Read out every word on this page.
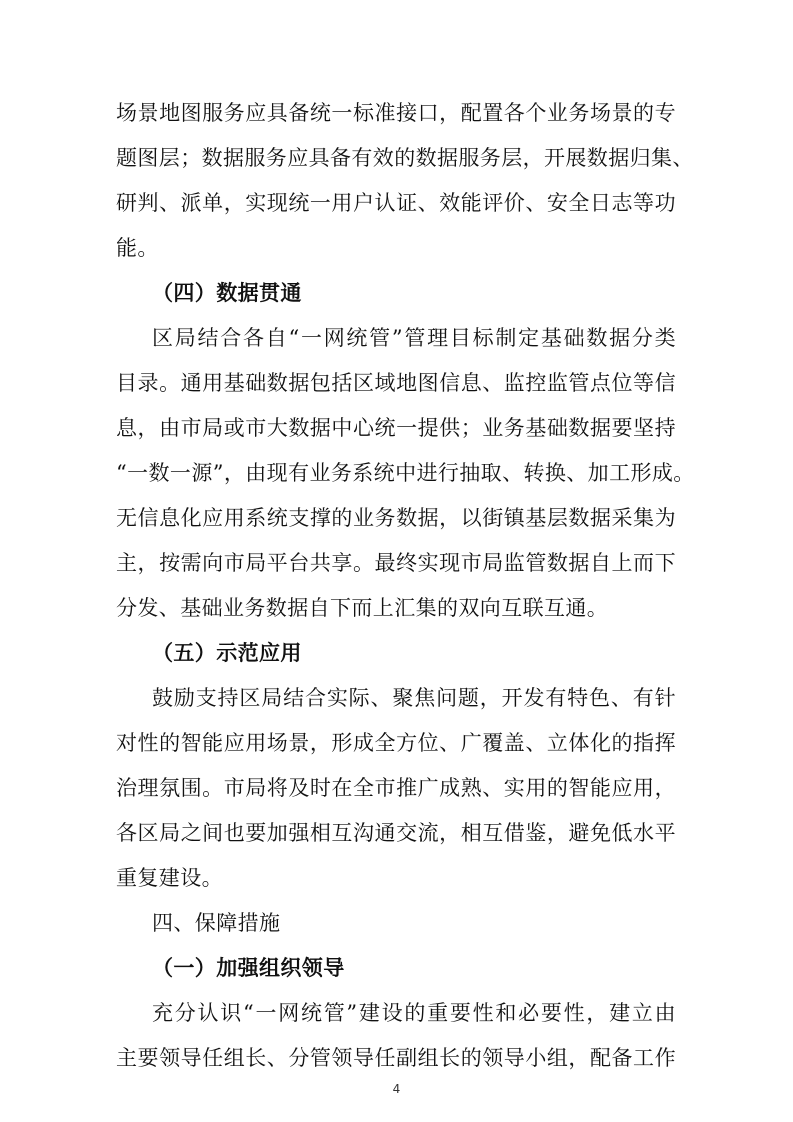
场景地图服务应具备统一标准接口，配置各个业务场景的专
题图层；数据服务应具备有效的数据服务层，开展数据归集、
研判、派单，实现统一用户认证、效能评价、安全日志等功
能。
（四）数据贯通
区局结合各自“一网统管”管理目标制定基础数据分类
目录。通用基础数据包括区域地图信息、监控监管点位等信
息，由市局或市大数据中心统一提供；业务基础数据要坚持
“一数一源”，由现有业务系统中进行抽取、转换、加工形成。
无信息化应用系统支撑的业务数据，以街镇基层数据采集为
主，按需向市局平台共享。最终实现市局监管数据自上而下
分发、基础业务数据自下而上汇集的双向互联互通。
（五）示范应用
鼓励支持区局结合实际、聚焦问题，开发有特色、有针
对性的智能应用场景，形成全方位、广覆盖、立体化的指挥
治理氛围。市局将及时在全市推广成熟、实用的智能应用，
各区局之间也要加强相互沟通交流，相互借鉴，避免低水平
重复建设。
四、保障措施
（一）加强组织领导
充分认识“一网统管”建设的重要性和必要性，建立由
主要领导任组长、分管领导任副组长的领导小组，配备工作
4
